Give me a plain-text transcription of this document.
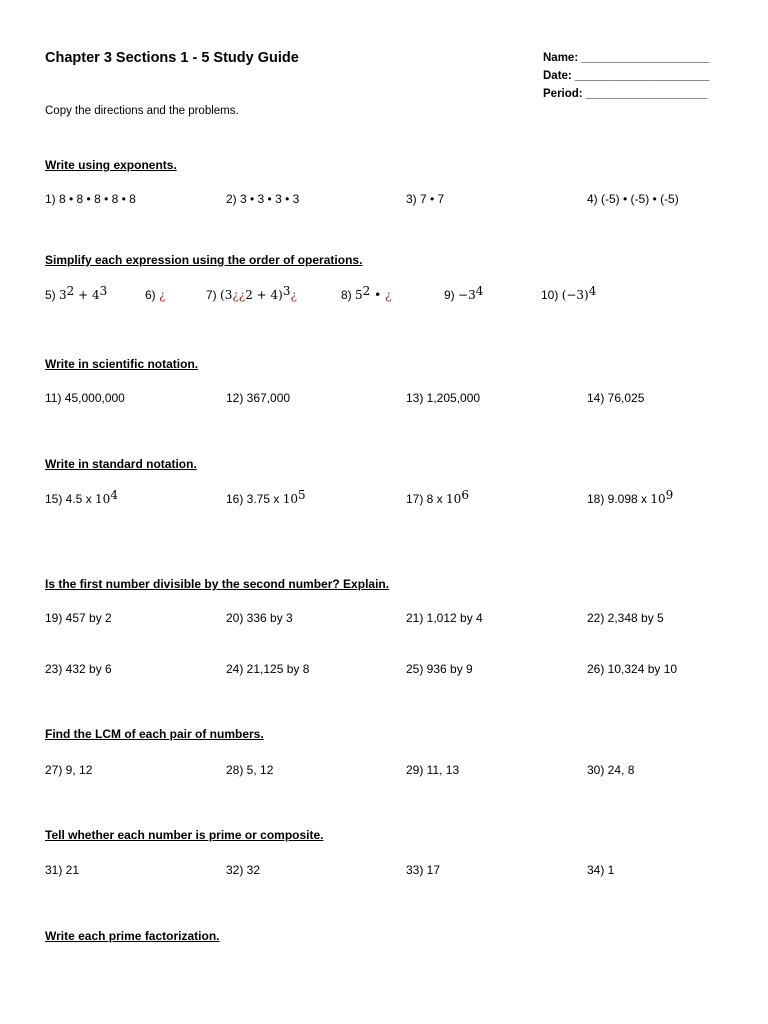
Chapter 3 Sections 1 - 5 Study Guide	Name: ____________________
Date: _____________________
Period: ___________________
Copy the directions and the problems.
Write using exponents.
1) 8 • 8 • 8 • 8 • 8	2) 3 • 3 • 3 • 3	3) 7 • 7	4) (-5) • (-5) • (-5)
Simplify each expression using the order of operations.
5) $3^2 + 4^3$	6) ¿	7) (3¿¿2 + 4)$^3$¿	8) $5^2$ • ¿	$9) -3^4$	10) $(-3)^4$
Write in scientific notation.
11) 45,000,000	12) 367,000	13) 1,205,000	14) 76,025
Write in standard notation.
15) 4.5 x $10^4$	16) 3.75 x $10^5$	17) 8 x $10^6$	18) 9.098 x $10^9$
Is the first number divisible by the second number? Explain.
19) 457 by 2	20) 336 by 3	21) 1,012 by 4	22) 2,348 by 5
23) 432 by 6	24) 21,125 by 8	25) 936 by 9	26) 10,324 by 10
Find the LCM of each pair of numbers.
27) 9, 12	28) 5, 12	29) 11, 13	30) 24, 8
Tell whether each number is prime or composite.
31) 21	32) 32	33) 17	34) 1
Write each prime factorization.
